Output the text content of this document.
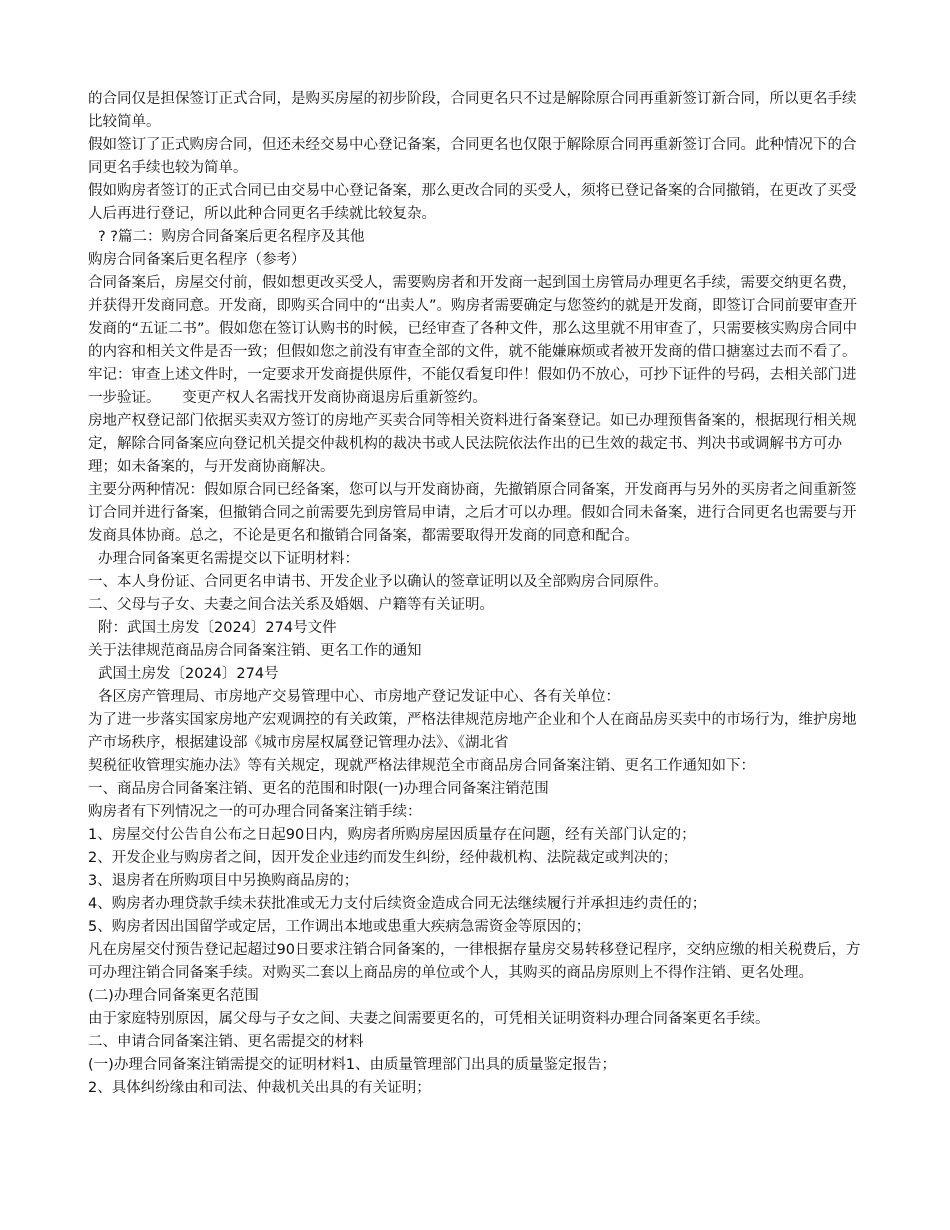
的合同仅是担保签订正式合同，是购买房屋的初步阶段，合同更名只不过是解除原合同再重新签订新合同，所以更名手续比较简单。

假如签订了正式购房合同，但还未经交易中心登记备案，合同更名也仅限于解除原合同再重新签订合同。此种情况下的合同更名手续也较为简单。

假如购房者签订的正式合同已由交易中心登记备案，那么更改合同的买受人，须将已登记备案的合同撤销，在更改了买受人后再进行登记，所以此种合同更名手续就比较复杂。

? ?篇二：购房合同备案后更名程序及其他

购房合同备案后更名程序（参考）

合同备案后，房屋交付前，假如想更改买受人，需要购房者和开发商一起到国土房管局办理更名手续，需要交纳更名费，并获得开发商同意。开发商，即购买合同中的“出卖人”。购房者需要确定与您签约的就是开发商，即签订合同前要审查开发商的“五证二书”。假如您在签订认购书的时候，已经审查了各种文件，那么这里就不用审查了，只需要核实购房合同中的内容和相关文件是否一致；但假如您之前没有审查全部的文件，就不能嫌麻烦或者被开发商的借口搪塞过去而不看了。

牢记：审查上述文件时，一定要求开发商提供原件，不能仅看复印件！假如仍不放心，可抄下证件的号码，去相关部门进一步验证。　　变更产权人名需找开发商协商退房后重新签约。

房地产权登记部门依据买卖双方签订的房地产买卖合同等相关资料进行备案登记。如已办理预售备案的，根据现行相关规定，解除合同备案应向登记机关提交仲裁机构的裁决书或人民法院依法作出的已生效的裁定书、判决书或调解书方可办理；如未备案的，与开发商协商解决。

主要分两种情况：假如原合同已经备案，您可以与开发商协商，先撤销原合同备案，开发商再与另外的买房者之间重新签订合同并进行备案，但撤销合同之前需要先到房管局申请，之后才可以办理。假如合同未备案，进行合同更名也需要与开发商具体协商。总之，不论是更名和撤销合同备案，都需要取得开发商的同意和配合。

办理合同备案更名需提交以下证明材料：

一、本人身份证、合同更名申请书、开发企业予以确认的签章证明以及全部购房合同原件。

二、父母与子女、夫妻之间合法关系及婚姻、户籍等有关证明。

附：武国土房发〔2024〕274号文件

关于法律规范商品房合同备案注销、更名工作的通知

武国土房发〔2024〕274号

各区房产管理局、市房地产交易管理中心、市房地产登记发证中心、各有关单位：

为了进一步落实国家房地产宏观调控的有关政策，严格法律规范房地产企业和个人在商品房买卖中的市场行为，维护房地产市场秩序，根据建设部《城市房屋权属登记管理办法》、《湖北省

契税征收管理实施办法》等有关规定，现就严格法律规范全市商品房合同备案注销、更名工作通知如下：

一、商品房合同备案注销、更名的范围和时限(一)办理合同备案注销范围

购房者有下列情况之一的可办理合同备案注销手续：

1、房屋交付公告自公布之日起90日内，购房者所购房屋因质量存在问题，经有关部门认定的；

2、开发企业与购房者之间，因开发企业违约而发生纠纷，经仲裁机构、法院裁定或判决的；

3、退房者在所购项目中另换购商品房的；

4、购房者办理贷款手续未获批准或无力支付后续资金造成合同无法继续履行并承担违约责任的；

5、购房者因出国留学或定居，工作调出本地或患重大疾病急需资金等原因的；

凡在房屋交付预告登记起超过90日要求注销合同备案的，一律根据存量房交易转移登记程序，交纳应缴的相关税费后，方可办理注销合同备案手续。对购买二套以上商品房的单位或个人，其购买的商品房原则上不得作注销、更名处理。

(二)办理合同备案更名范围

由于家庭特别原因，属父母与子女之间、夫妻之间需要更名的，可凭相关证明资料办理合同备案更名手续。

二、申请合同备案注销、更名需提交的材料

(一)办理合同备案注销需提交的证明材料1、由质量管理部门出具的质量鉴定报告；

2、具体纠纷缘由和司法、仲裁机关出具的有关证明；
